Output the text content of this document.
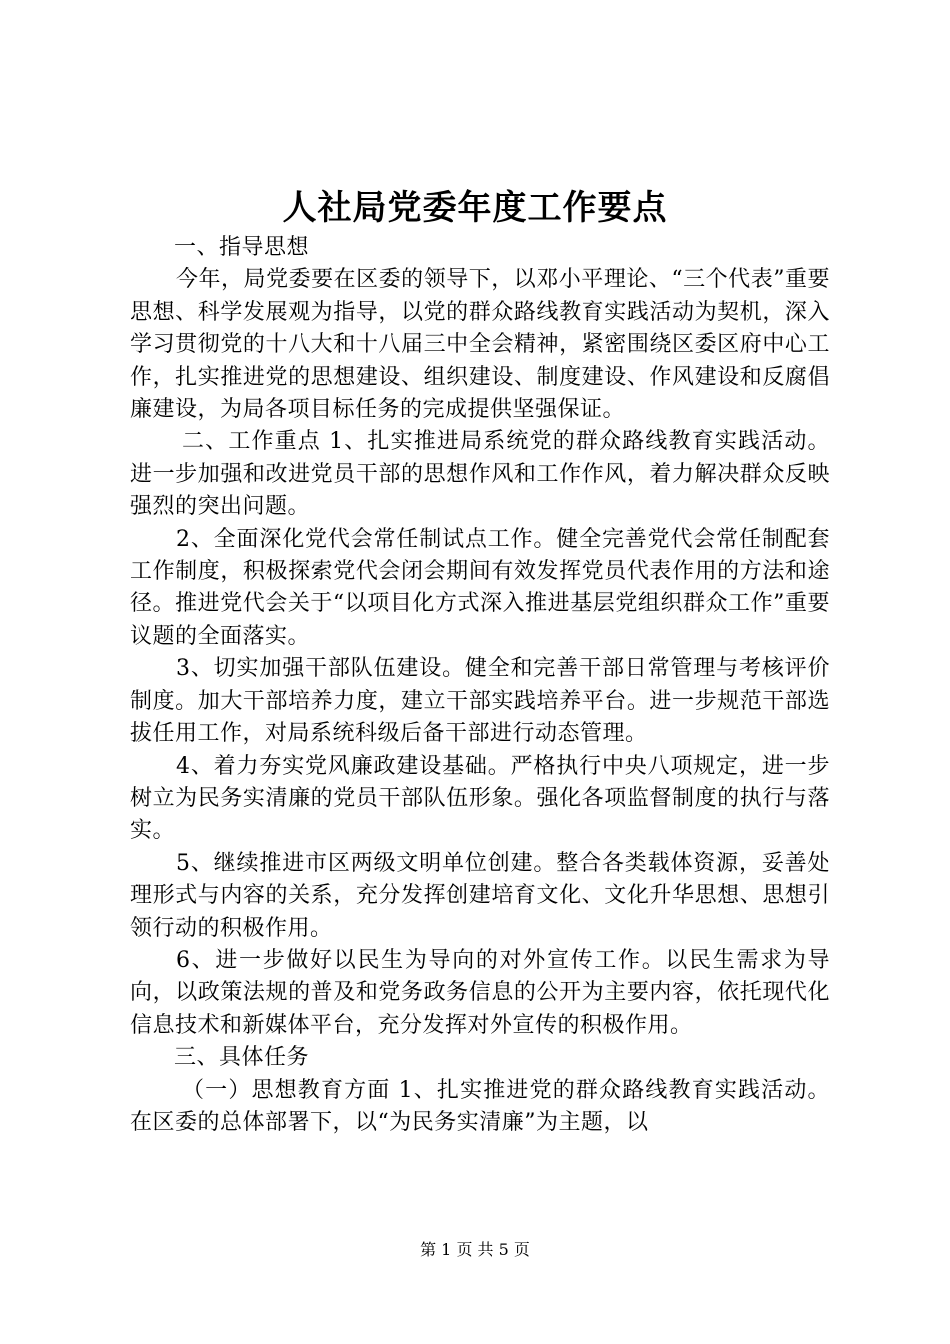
人社局党委年度工作要点

一、指导思想

今年，局党委要在区委的领导下，以邓小平理论、“三个代表”重要思想、科学发展观为指导，以党的群众路线教育实践活动为契机，深入学习贯彻党的十八大和十八届三中全会精神，紧密围绕区委区府中心工作，扎实推进党的思想建设、组织建设、制度建设、作风建设和反腐倡廉建设，为局各项目标任务的完成提供坚强保证。

二、工作重点 1、扎实推进局系统党的群众路线教育实践活动。进一步加强和改进党员干部的思想作风和工作作风，着力解决群众反映强烈的突出问题。

2、全面深化党代会常任制试点工作。健全完善党代会常任制配套工作制度，积极探索党代会闭会期间有效发挥党员代表作用的方法和途径。推进党代会关于“以项目化方式深入推进基层党组织群众工作”重要议题的全面落实。

3、切实加强干部队伍建设。健全和完善干部日常管理与考核评价制度。加大干部培养力度，建立干部实践培养平台。进一步规范干部选拔任用工作，对局系统科级后备干部进行动态管理。

4、着力夯实党风廉政建设基础。严格执行中央八项规定，进一步树立为民务实清廉的党员干部队伍形象。强化各项监督制度的执行与落实。

5、继续推进市区两级文明单位创建。整合各类载体资源，妥善处理形式与内容的关系，充分发挥创建培育文化、文化升华思想、思想引领行动的积极作用。

6、进一步做好以民生为导向的对外宣传工作。以民生需求为导向，以政策法规的普及和党务政务信息的公开为主要内容，依托现代化信息技术和新媒体平台，充分发挥对外宣传的积极作用。

三、具体任务

（一）思想教育方面 1、扎实推进党的群众路线教育实践活动。在区委的总体部署下，以“为民务实清廉”为主题，以

第 1 页 共 5 页
